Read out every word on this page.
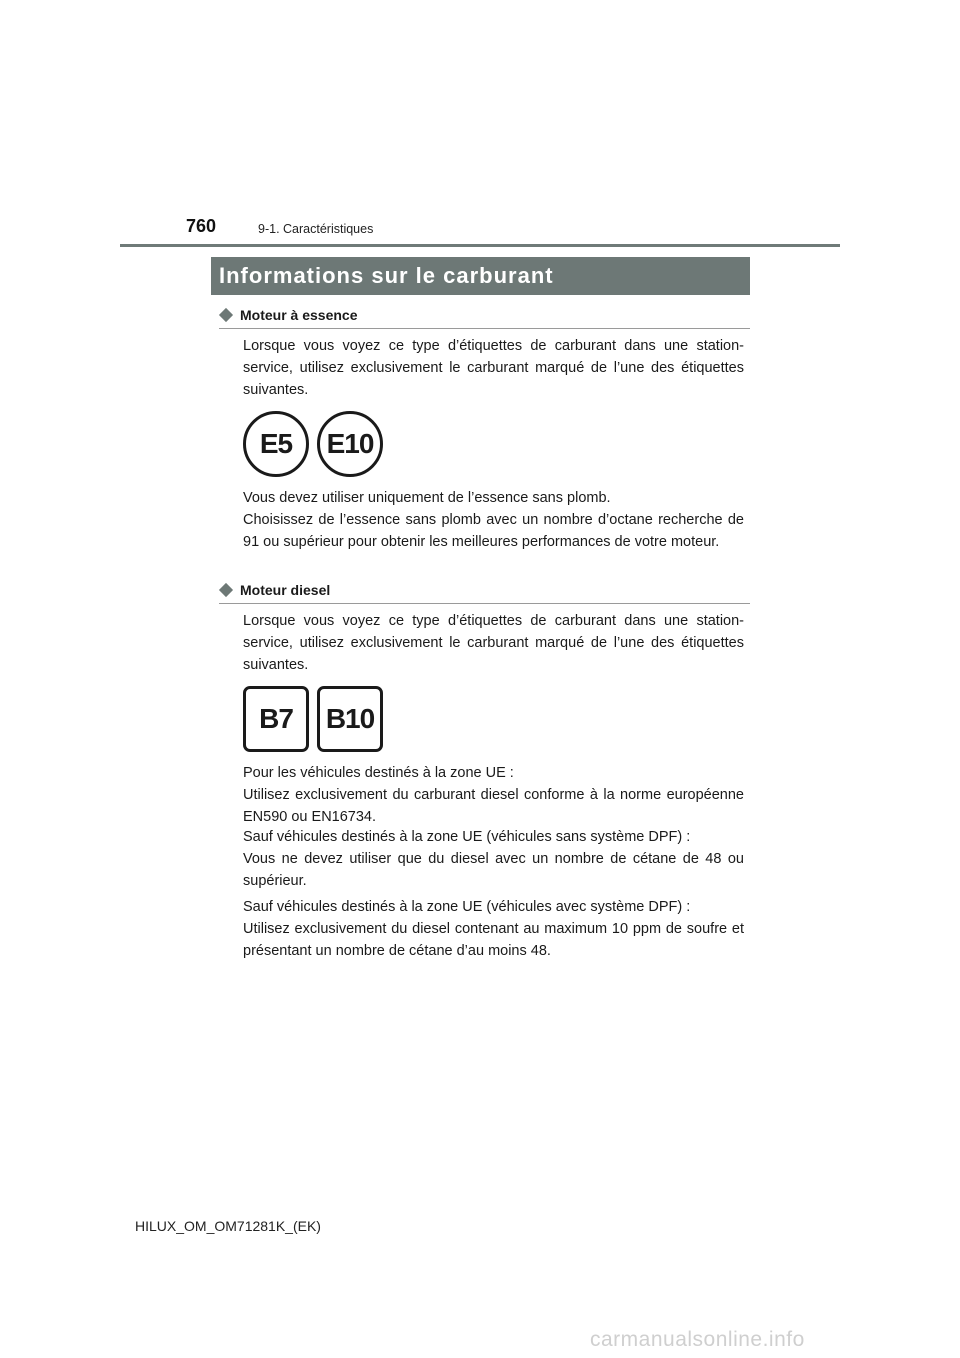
760	9-1. Caractéristiques
Informations sur le carburant
Moteur à essence

Lorsque vous voyez ce type d’étiquettes de carburant dans une station-service, utilisez exclusivement le carburant marqué de l’une des étiquettes suivantes.

E5	E10

Vous devez utiliser uniquement de l’essence sans plomb.
Choisissez de l’essence sans plomb avec un nombre d’octane recherche de 91 ou supérieur pour obtenir les meilleures performances de votre moteur.

Moteur diesel

Lorsque vous voyez ce type d’étiquettes de carburant dans une station-service, utilisez exclusivement le carburant marqué de l’une des étiquettes suivantes.

B7	B10

Pour les véhicules destinés à la zone UE :
Utilisez exclusivement du carburant diesel conforme à la norme européenne EN590 ou EN16734.

Sauf véhicules destinés à la zone UE (véhicules sans système DPF) :
Vous ne devez utiliser que du diesel avec un nombre de cétane de 48 ou supérieur.

Sauf véhicules destinés à la zone UE (véhicules avec système DPF) :
Utilisez exclusivement du diesel contenant au maximum 10 ppm de soufre et présentant un nombre de cétane d’au moins 48.

HILUX_OM_OM71281K_(EK)
carmanualsonline.info
